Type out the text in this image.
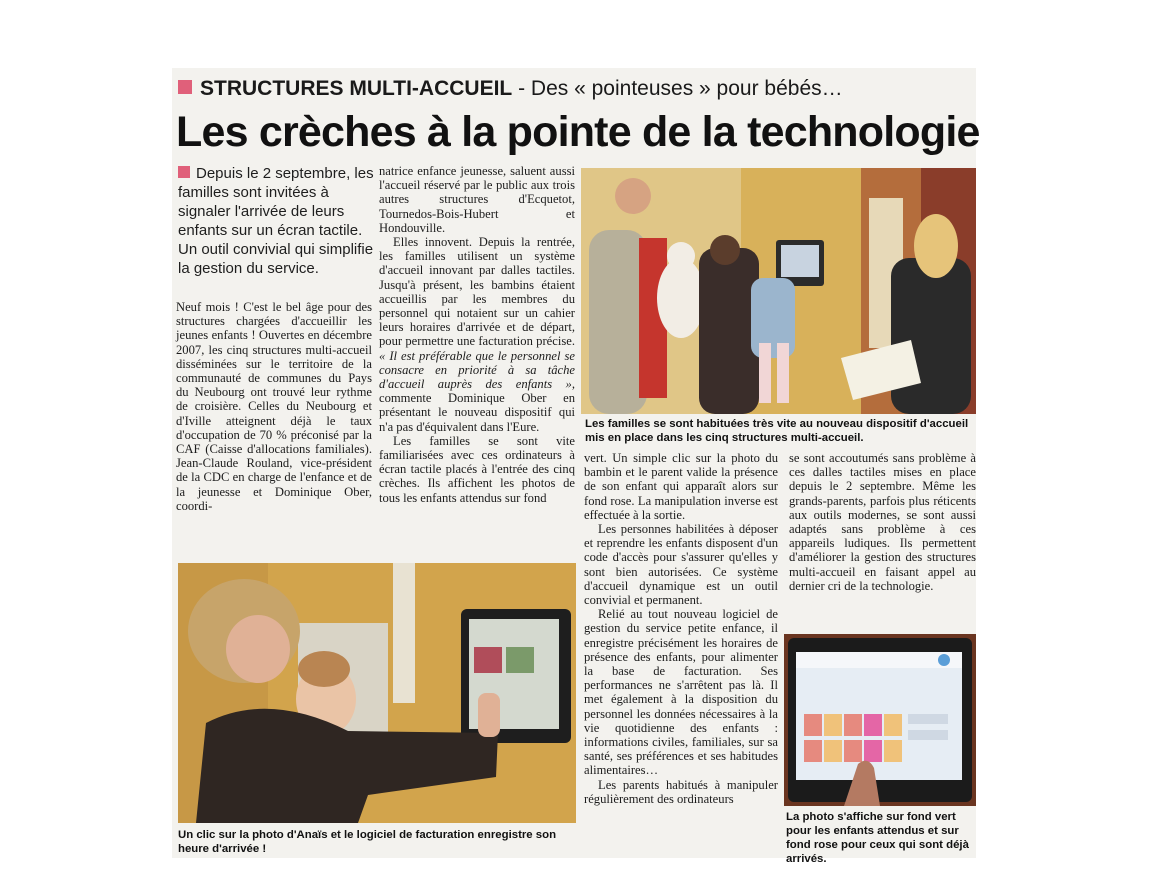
STRUCTURES MULTI-ACCUEIL - Des « pointeuses » pour bébés…
Les crèches à la pointe de la technologie
Depuis le 2 septembre, les familles sont invitées à signaler l'arrivée de leurs enfants sur un écran tactile. Un outil convivial qui simplifie la gestion du service.

Neuf mois ! C'est le bel âge pour des structures chargées d'accueillir les jeunes enfants ! Ouvertes en décembre 2007, les cinq structures multi-accueil disséminées sur le territoire de la communauté de communes du Pays du Neubourg ont trouvé leur rythme de croisière. Celles du Neubourg et d'Iville atteignent déjà le taux d'occupation de 70 % préconisé par la CAF (Caisse d'allocations familiales). Jean-Claude Rouland, vice-président de la CDC en charge de l'enfance et de la jeunesse et Dominique Ober, coordi-

natrice enfance jeunesse, saluent aussi l'accueil réservé par le public aux trois autres structures d'Ecquetot, Tournedos-Bois-Hubert et Hondouville.

Elles innovent. Depuis la rentrée, les familles utilisent un système d'accueil innovant par dalles tactiles. Jusqu'à présent, les bambins étaient accueillis par les membres du personnel qui notaient sur un cahier leurs horaires d'arrivée et de départ, pour permettre une facturation précise. « Il est préférable que le personnel se consacre en priorité à sa tâche d'accueil auprès des enfants », commente Dominique Ober en présentant le nouveau dispositif qui n'a pas d'équivalent dans l'Eure.

Les familles se sont vite familiarisées avec ces ordinateurs à écran tactile placés à l'entrée des cinq crèches. Ils affichent les photos de tous les enfants attendus sur fond

Les familles se sont habituées très vite au nouveau dispositif d'accueil mis en place dans les cinq structures multi-accueil.

vert. Un simple clic sur la photo du bambin et le parent valide la présence de son enfant qui apparaît alors sur fond rose. La manipulation inverse est effectuée à la sortie.

Les personnes habilitées à déposer et reprendre les enfants disposent d'un code d'accès pour s'assurer qu'elles y sont bien autorisées. Ce système d'accueil dynamique est un outil convivial et permanent.

Relié au tout nouveau logiciel de gestion du service petite enfance, il enregistre précisément les horaires de présence des enfants, pour alimenter la base de facturation. Ses performances ne s'arrêtent pas là. Il met également à la disposition du personnel les données nécessaires à la vie quotidienne des enfants : informations civiles, familiales, sur sa santé, ses préférences et ses habitudes alimentaires…

Les parents habitués à manipuler régulièrement des ordinateurs

se sont accoutumés sans problème à ces dalles tactiles mises en place depuis le 2 septembre. Même les grands-parents, parfois plus réticents aux outils modernes, se sont aussi adaptés sans problème à ces appareils ludiques. Ils permettent d'améliorer la gestion des structures multi-accueil en faisant appel au dernier cri de la technologie.

Un clic sur la photo d'Anaïs et le logiciel de facturation enregistre son heure d'arrivée !
La photo s'affiche sur fond vert pour les enfants attendus et sur fond rose pour ceux qui sont déjà arrivés.
